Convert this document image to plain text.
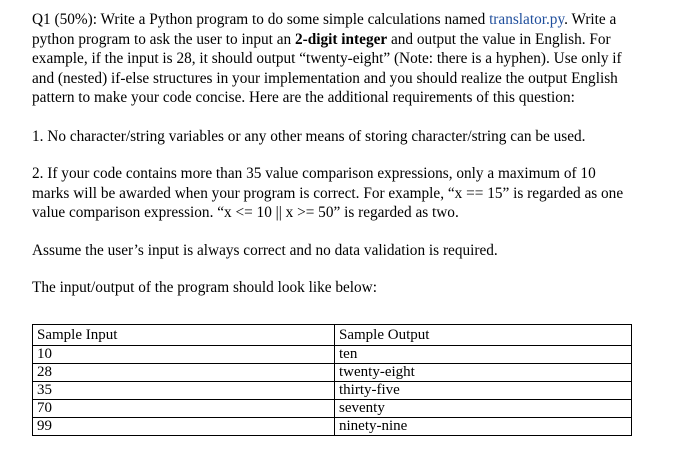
Q1 (50%): Write a Python program to do some simple calculations named translator.py. Write a python program to ask the user to input an 2-digit integer and output the value in English. For example, if the input is 28, it should output “twenty-eight” (Note: there is a hyphen). Use only if and (nested) if-else structures in your implementation and you should realize the output English pattern to make your code concise. Here are the additional requirements of this question:

1. No character/string variables or any other means of storing character/string can be used.

2. If your code contains more than 35 value comparison expressions, only a maximum of 10 marks will be awarded when your program is correct. For example, “x == 15” is regarded as one value comparison expression. “x <= 10 || x >= 50” is regarded as two.

Assume the user’s input is always correct and no data validation is required.

The input/output of the program should look like below:

Sample Input	Sample Output
10	ten
28	twenty-eight
35	thirty-five
70	seventy
99	ninety-nine
